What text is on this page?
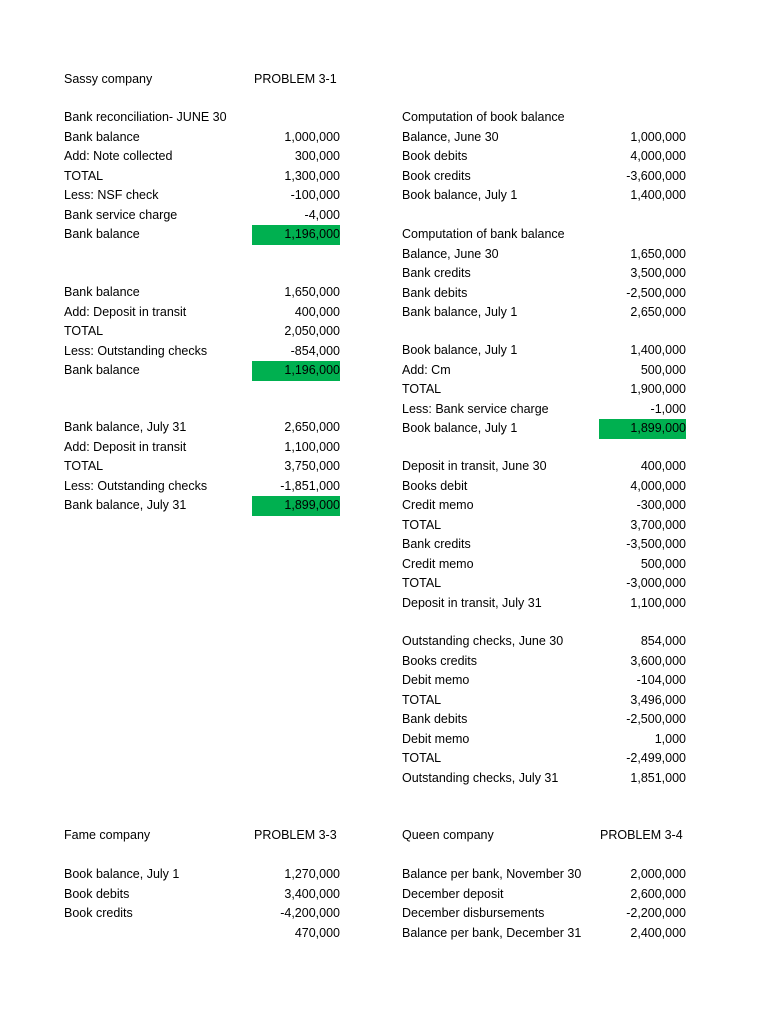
Sassy company	PROBLEM 3-1
Bank reconciliation- JUNE 30
Bank balance	1,000,000
Add: Note collected	300,000
TOTAL	1,300,000
Less: NSF check	-100,000
Bank service charge	-4,000
Bank balance	1,196,000
Bank balance	1,650,000
Add: Deposit in transit	400,000
TOTAL	2,050,000
Less: Outstanding checks	-854,000
Bank balance	1,196,000
Bank balance, July 31	2,650,000
Add: Deposit in transit	1,100,000
TOTAL	3,750,000
Less: Outstanding checks	-1,851,000
Bank balance, July 31	1,899,000
Computation of book balance
Balance, June 30	1,000,000
Book debits	4,000,000
Book credits	-3,600,000
Book balance, July 1	1,400,000
Computation of bank balance
Balance, June 30	1,650,000
Bank credits	3,500,000
Bank debits	-2,500,000
Bank balance, July 1	2,650,000
Book balance, July 1	1,400,000
Add: Cm	500,000
TOTAL	1,900,000
Less: Bank service charge	-1,000
Book balance, July 1	1,899,000
Deposit in transit, June 30	400,000
Books debit	4,000,000
Credit memo	-300,000
TOTAL	3,700,000
Bank credits	-3,500,000
Credit memo	500,000
TOTAL	-3,000,000
Deposit in transit, July 31	1,100,000
Outstanding checks, June 30	854,000
Books credits	3,600,000
Debit memo	-104,000
TOTAL	3,496,000
Bank debits	-2,500,000
Debit memo	1,000
TOTAL	-2,499,000
Outstanding checks, July 31	1,851,000
Fame company	PROBLEM 3-3
Book balance, July 1	1,270,000
Book debits	3,400,000
Book credits	-4,200,000
470,000
Queen company	PROBLEM 3-4
Balance per bank, November 30	2,000,000
December deposit	2,600,000
December disbursements	-2,200,000
Balance per bank, December 31	2,400,000
